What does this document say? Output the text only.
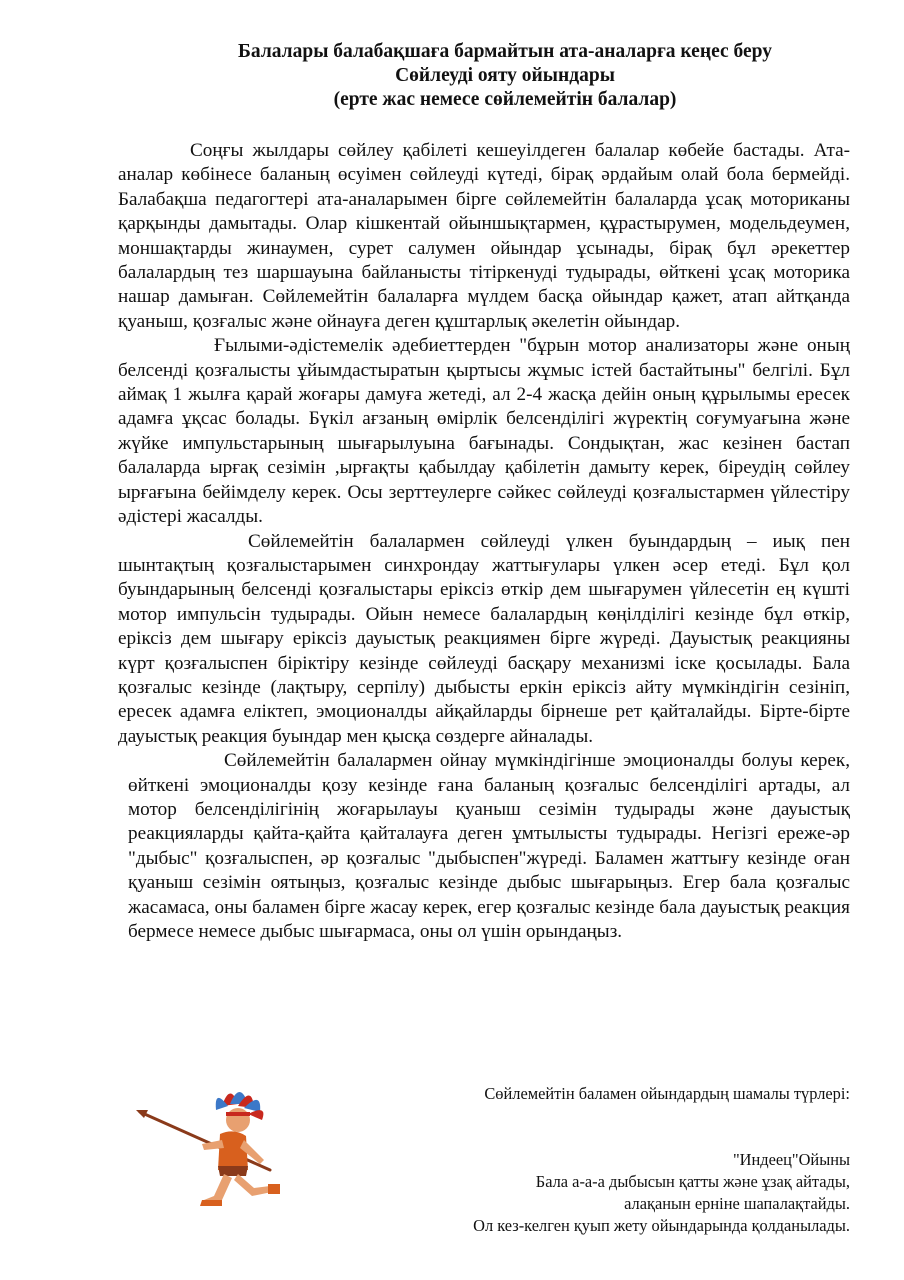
Балалары балабақшаға бармайтын ата-аналарға кеңес беру
Сөйлеуді ояту ойындары
(ерте жас немесе сөйлемейтін балалар)

Соңғы жылдары сөйлеу қабілеті кешеуілдеген балалар көбейе бастады. Ата-аналар көбінесе баланың өсуімен сөйлеуді күтеді, бірақ әрдайым олай бола бермейді. Балабақша педагогтері ата-аналарымен бірге сөйлемейтін балаларда ұсақ моториканы қарқынды дамытады. Олар кішкентай ойыншықтармен, құрастырумен, модельдеумен, моншақтарды жинаумен, сурет салумен ойындар ұсынады, бірақ бұл әрекеттер балалардың тез шаршауына байланысты тітіркенуді тудырады, өйткені ұсақ моторика нашар дамыған. Сөйлемейтін балаларға мүлдем басқа ойындар қажет, атап айтқанда қуаныш, қозғалыс және ойнауға деген құштарлық әкелетін ойындар.

Ғылыми-әдістемелік әдебиеттерден "бұрын мотор анализаторы және оның белсенді қозғалысты ұйымдастыратын қыртысы жұмыс істей бастайтыны" белгілі. Бұл аймақ 1 жылға қарай жоғары дамуға жетеді, ал 2-4 жасқа дейін оның құрылымы ересек адамға ұқсас болады. Бүкіл ағзаның өмірлік белсенділігі жүректің соғумуағына және жүйке импульстарының шығарылуына бағынады. Сондықтан, жас кезінен бастап балаларда ырғақ сезімін ,ырғақты қабылдау қабілетін дамыту керек, біреудің сөйлеу ырғағына бейімделу керек. Осы зерттеулерге сәйкес сөйлеуді қозғалыстармен үйлестіру әдістері жасалды.

Сөйлемейтін балалармен сөйлеуді үлкен буындардың – иық пен шынтақтың қозғалыстарымен синхрондау жаттығулары үлкен әсер етеді. Бұл қол буындарының белсенді қозғалыстары еріксіз өткір дем шығарумен үйлесетін ең күшті мотор импульсін тудырады. Ойын немесе балалардың көңілділігі кезінде бұл өткір, еріксіз дем шығару еріксіз дауыстық реакциямен бірге жүреді. Дауыстық реакцияны күрт қозғалыспен біріктіру кезінде сөйлеуді басқару механизмі іске қосылады. Бала қозғалыс кезінде (лақтыру, серпілу) дыбысты еркін еріксіз айту мүмкіндігін сезініп, ересек адамға еліктеп, эмоционалды айқайларды бірнеше рет қайталайды. Бірте-бірте дауыстық реакция буындар мен қысқа сөздерге айналады.

Сөйлемейтін балалармен ойнау мүмкіндігінше эмоционалды болуы керек, өйткені эмоционалды қозу кезінде ғана баланың қозғалыс белсенділігі артады, ал мотор белсенділігінің жоғарылауы қуаныш сезімін тудырады және дауыстық реакцияларды қайта-қайта қайталауға деген ұмтылысты тудырады. Негізгі ереже-әр "дыбыс" қозғалыспен, әр қозғалыс "дыбыспен"жүреді. Баламен жаттығу кезінде оған қуаныш сезімін оятыңыз, қозғалыс кезінде дыбыс шығарыңыз. Егер бала қозғалыс жасамаса, оны баламен бірге жасау керек, егер қозғалыс кезінде бала дауыстық реакция бермесе немесе дыбыс шығармаса, оны ол үшін орындаңыз.

Сөйлемейтін баламен ойындардың шамалы түрлері:
"Индеец"Ойыны
Бала а-а-а дыбысын қатты және ұзақ айтады,
алақанын ерніне шапалақтайды.
Ол кез-келген қуып жету ойындарында қолданылады.
